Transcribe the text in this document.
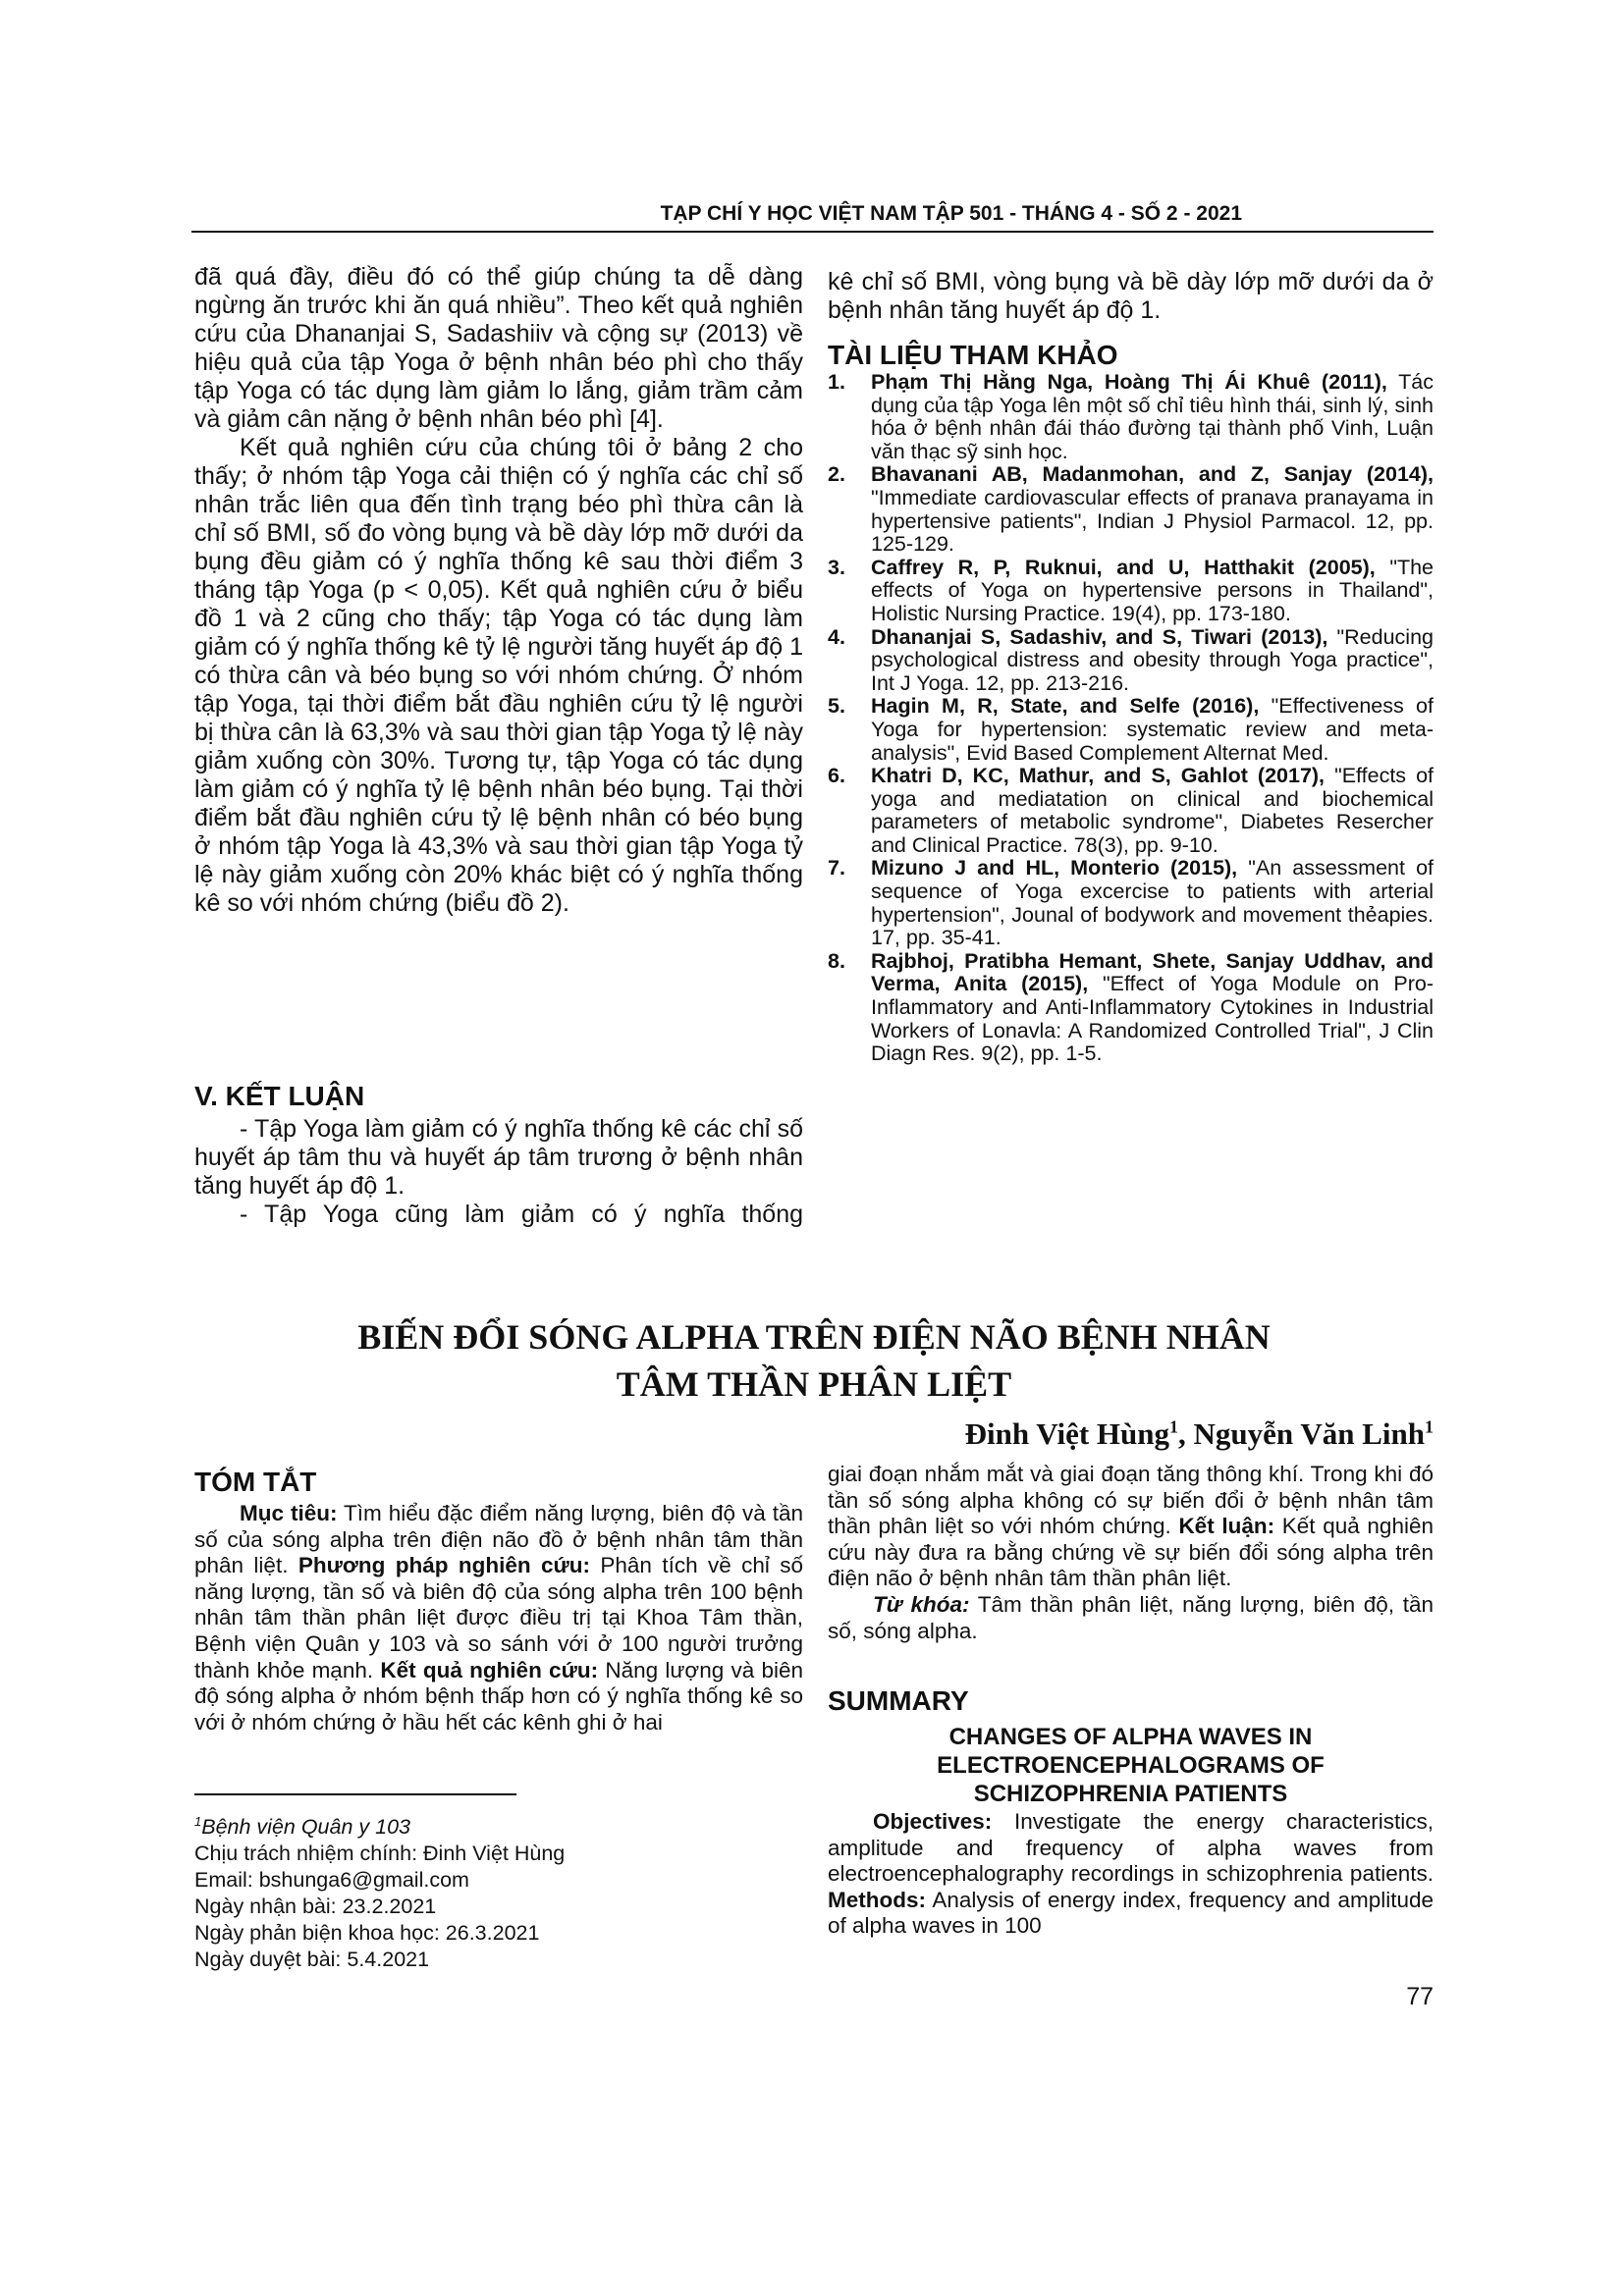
TẠP CHÍ Y HỌC VIỆT NAM TẬP 501 - THÁNG 4 - SỐ 2 - 2021

đã quá đầy, điều đó có thể giúp chúng ta dễ dàng ngừng ăn trước khi ăn quá nhiều”. Theo kết quả nghiên cứu của Dhananjai S, Sadashiiv và cộng sự (2013) về hiệu quả của tập Yoga ở bệnh nhân béo phì cho thấy tập Yoga có tác dụng làm giảm lo lắng, giảm trầm cảm và giảm cân nặng ở bệnh nhân béo phì [4].

Kết quả nghiên cứu của chúng tôi ở bảng 2 cho thấy; ở nhóm tập Yoga cải thiện có ý nghĩa các chỉ số nhân trắc liên qua đến tình trạng béo phì thừa cân là chỉ số BMI, số đo vòng bụng và bề dày lớp mỡ dưới da bụng đều giảm có ý nghĩa thống kê sau thời điểm 3 tháng tập Yoga (p < 0,05). Kết quả nghiên cứu ở biểu đồ 1 và 2 cũng cho thấy; tập Yoga có tác dụng làm giảm có ý nghĩa thống kê tỷ lệ người tăng huyết áp độ 1 có thừa cân và béo bụng so với nhóm chứng. Ở nhóm tập Yoga, tại thời điểm bắt đầu nghiên cứu tỷ lệ người bị thừa cân là 63,3% và sau thời gian tập Yoga tỷ lệ này giảm xuống còn 30%. Tương tự, tập Yoga có tác dụng làm giảm có ý nghĩa tỷ lệ bệnh nhân béo bụng. Tại thời điểm bắt đầu nghiên cứu tỷ lệ bệnh nhân có béo bụng ở nhóm tập Yoga là 43,3% và sau thời gian tập Yoga tỷ lệ này giảm xuống còn 20% khác biệt có ý nghĩa thống kê so với nhóm chứng (biểu đồ 2).

V. KẾT LUẬN

- Tập Yoga làm giảm có ý nghĩa thống kê các chỉ số huyết áp tâm thu và huyết áp tâm trương ở bệnh nhân tăng huyết áp độ 1.

- Tập Yoga cũng làm giảm có ý nghĩa thống

kê chỉ số BMI, vòng bụng và bề dày lớp mỡ dưới da ở bệnh nhân tăng huyết áp độ 1.
TÀI LIỆU THAM KHẢO
1. Phạm Thị Hằng Nga, Hoàng Thị Ái Khuê (2011), Tác dụng của tập Yoga lên một số chỉ tiêu hình thái, sinh lý, sinh hóa ở bệnh nhân đái tháo đường tại thành phố Vinh, Luận văn thạc sỹ sinh học.
2. Bhavanani AB, Madanmohan, and Z, Sanjay (2014), "Immediate cardiovascular effects of pranava pranayama in hypertensive patients", Indian J Physiol Parmacol. 12, pp. 125-129.
3. Caffrey R, P, Ruknui, and U, Hatthakit (2005), "The effects of Yoga on hypertensive persons in Thailand", Holistic Nursing Practice. 19(4), pp. 173-180.
4. Dhananjai S, Sadashiv, and S, Tiwari (2013), "Reducing psychological distress and obesity through Yoga practice", Int J Yoga. 12, pp. 213-216.
5. Hagin M, R, State, and Selfe (2016), "Effectiveness of Yoga for hypertension: systematic review and meta-analysis", Evid Based Complement Alternat Med.
6. Khatri D, KC, Mathur, and S, Gahlot (2017), "Effects of yoga and mediatation on clinical and biochemical parameters of metabolic syndrome", Diabetes Resercher and Clinical Practice. 78(3), pp. 9-10.
7. Mizuno J and HL, Monterio (2015), "An assessment of sequence of Yoga excercise to patients with arterial hypertension", Jounal of bodywork and movement thẻapies. 17, pp. 35-41.
8. Rajbhoj, Pratibha Hemant, Shete, Sanjay Uddhav, and Verma, Anita (2015), "Effect of Yoga Module on Pro-Inflammatory and Anti-Inflammatory Cytokines in Industrial Workers of Lonavla: A Randomized Controlled Trial", J Clin Diagn Res. 9(2), pp. 1-5.
BIẾN ĐỔI SÓNG ALPHA TRÊN ĐIỆN NÃO BỆNH NHÂN
TÂM THẦN PHÂN LIỆT
Đinh Việt Hùng$^1$, Nguyễn Văn Linh$^1$
TÓM TẮT
Mục tiêu: Tìm hiểu đặc điểm năng lượng, biên độ và tần số của sóng alpha trên điện não đồ ở bệnh nhân tâm thần phân liệt. Phương pháp nghiên cứu: Phân tích về chỉ số năng lượng, tần số và biên độ của sóng alpha trên 100 bệnh nhân tâm thần phân liệt được điều trị tại Khoa Tâm thần, Bệnh viện Quân y 103 và so sánh với ở 100 người trưởng thành khỏe mạnh. Kết quả nghiên cứu: Năng lượng và biên độ sóng alpha ở nhóm bệnh thấp hơn có ý nghĩa thống kê so với ở nhóm chứng ở hầu hết các kênh ghi ở hai
$^1$Bệnh viện Quân y 103
Chịu trách nhiệm chính: Đinh Việt Hùng
Email: bshunga6@gmail.com
Ngày nhận bài: 23.2.2021
Ngày phản biện khoa học: 26.3.2021
Ngày duyệt bài: 5.4.2021
giai đoạn nhắm mắt và giai đoạn tăng thông khí. Trong khi đó tần số sóng alpha không có sự biến đổi ở bệnh nhân tâm thần phân liệt so với nhóm chứng. Kết luận: Kết quả nghiên cứu này đưa ra bằng chứng về sự biến đổi sóng alpha trên điện não ở bệnh nhân tâm thần phân liệt.
Từ khóa: Tâm thần phân liệt, năng lượng, biên độ, tần số, sóng alpha.
SUMMARY
CHANGES OF ALPHA WAVES IN
ELECTROENCEPHALOGRAMS OF
SCHIZOPHRENIA PATIENTS
Objectives: Investigate the energy characteristics, amplitude and frequency of alpha waves from electroencephalography recordings in schizophrenia patients. Methods: Analysis of energy index, frequency and amplitude of alpha waves in 100
77
